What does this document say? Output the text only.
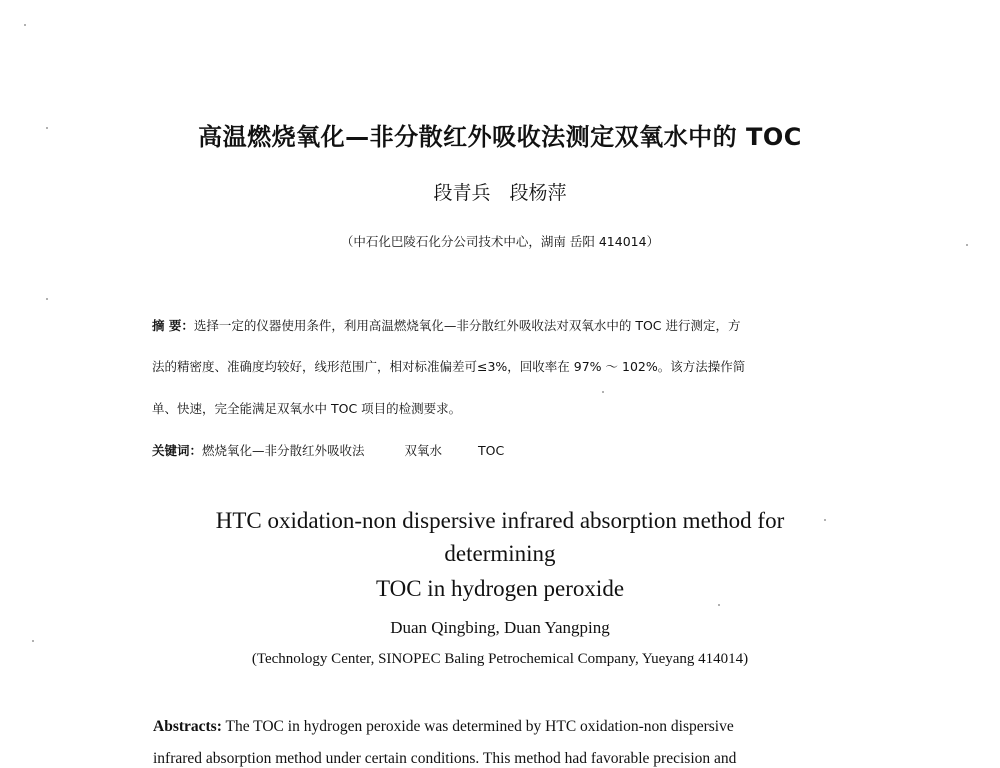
高温燃烧氧化—非分散红外吸收法测定双氧水中的 TOC
段青兵　段杨萍
（中石化巴陵石化分公司技术中心，湖南 岳阳 414014）
摘 要：选择一定的仪器使用条件，利用高温燃烧氧化—非分散红外吸收法对双氧水中的 TOC 进行测定，方
法的精密度、准确度均较好，线形范围广，相对标准偏差可≤3%，回收率在 97% ～ 102%。该方法操作简
单、快速，完全能满足双氧水中 TOC 项目的检测要求。
关键词：燃烧氧化—非分散红外吸收法	双氧水	TOC
HTC oxidation-non dispersive infrared absorption method for
determining
TOC in hydrogen peroxide
Duan Qingbing, Duan Yangping
(Technology Center, SINOPEC Baling Petrochemical Company, Yueyang 414014)
Abstracts: The TOC in hydrogen peroxide was determined by HTC oxidation-non dispersive
infrared absorption method under certain conditions. This method had favorable precision and
